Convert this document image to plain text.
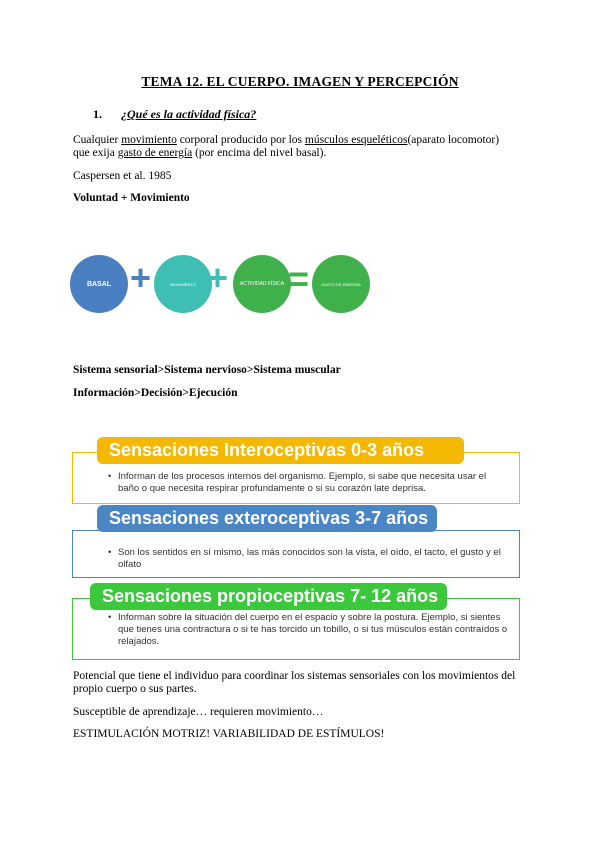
TEMA 12. EL CUERPO. IMAGEN Y PERCEPCIÓN
1. ¿Qué es la actividad física?
Cualquier movimiento corporal producido por los músculos esqueléticos(aparato locomotor)
que exija gasto de energía (por encima del nivel basal).
Caspersen et al. 1985
Voluntad + Movimiento
BASAL +	MOVIMIENTO +	ACTIVIDAD FÍSICA =	GASTO DE ENERGÍA
Sistema sensorial>Sistema nervioso>Sistema muscular
Información>Decisión>Ejecución
Sensaciones Interoceptivas 0-3 años
• Informan de los procesos internos del organismo. Ejemplo, si sabe que necesita usar el baño o que necesita respirar profundamente o si su corazón late deprisa.
Sensaciones exteroceptivas 3-7 años
• Son los sentidos en sí mismo, las más conocidos son la vista, el oído, el tacto, el gusto y el olfato
Sensaciones propioceptivas 7- 12 años
• Informan sobre la situación del cuerpo en el espacio y sobre la postura. Ejemplo, si sientes que tienes una contractura o si te has torcido un tobillo, o si tus músculos están contraídos o relajados.
Potencial que tiene el individuo para coordinar los sistemas sensoriales con los movimientos del propio cuerpo o sus partes.
Susceptible de aprendizaje… requieren movimiento…
ESTIMULACIÓN MOTRIZ! VARIABILIDAD DE ESTÍMULOS!
